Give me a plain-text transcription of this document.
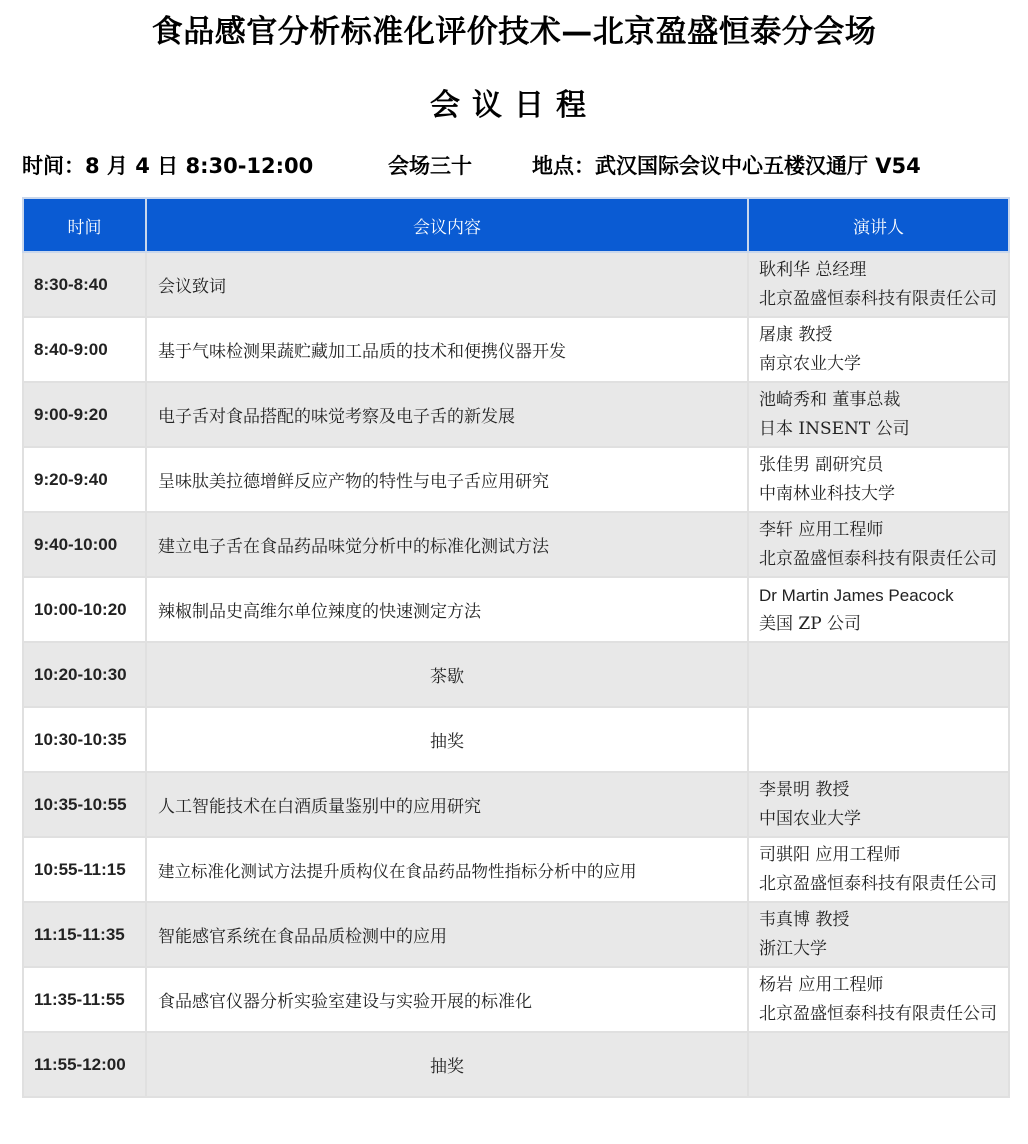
食品感官分析标准化评价技术—北京盈盛恒泰分会场
会议日程
时间：8 月 4 日 8:30-12:00	会场三十	地点：武汉国际会议中心五楼汉通厅 V54
时间	会议内容	演讲人
8:30-8:40	会议致词	耿利华 总经理
北京盈盛恒泰科技有限责任公司

8:40-9:00	基于气味检测果蔬贮藏加工品质的技术和便携仪器开发	屠康 教授
南京农业大学

9:00-9:20	电子舌对食品搭配的味觉考察及电子舌的新发展	池崎秀和 董事总裁
日本 INSENT 公司

9:20-9:40	呈味肽美拉德增鲜反应产物的特性与电子舌应用研究	张佳男 副研究员
中南林业科技大学

9:40-10:00	建立电子舌在食品药品味觉分析中的标准化测试方法	李轩 应用工程师
北京盈盛恒泰科技有限责任公司

10:00-10:20	辣椒制品史高维尔单位辣度的快速测定方法	Dr Martin James Peacock
美国 ZP 公司

10:20-10:30	茶歇	
10:30-10:35	抽奖	
10:35-10:55	人工智能技术在白酒质量鉴别中的应用研究	李景明 教授
中国农业大学

10:55-11:15	建立标准化测试方法提升质构仪在食品药品物性指标分析中的应用	司骐阳 应用工程师
北京盈盛恒泰科技有限责任公司

11:15-11:35	智能感官系统在食品品质检测中的应用	韦真博 教授
浙江大学

11:35-11:55	食品感官仪器分析实验室建设与实验开展的标准化	杨岩 应用工程师
北京盈盛恒泰科技有限责任公司

11:55-12:00	抽奖	
